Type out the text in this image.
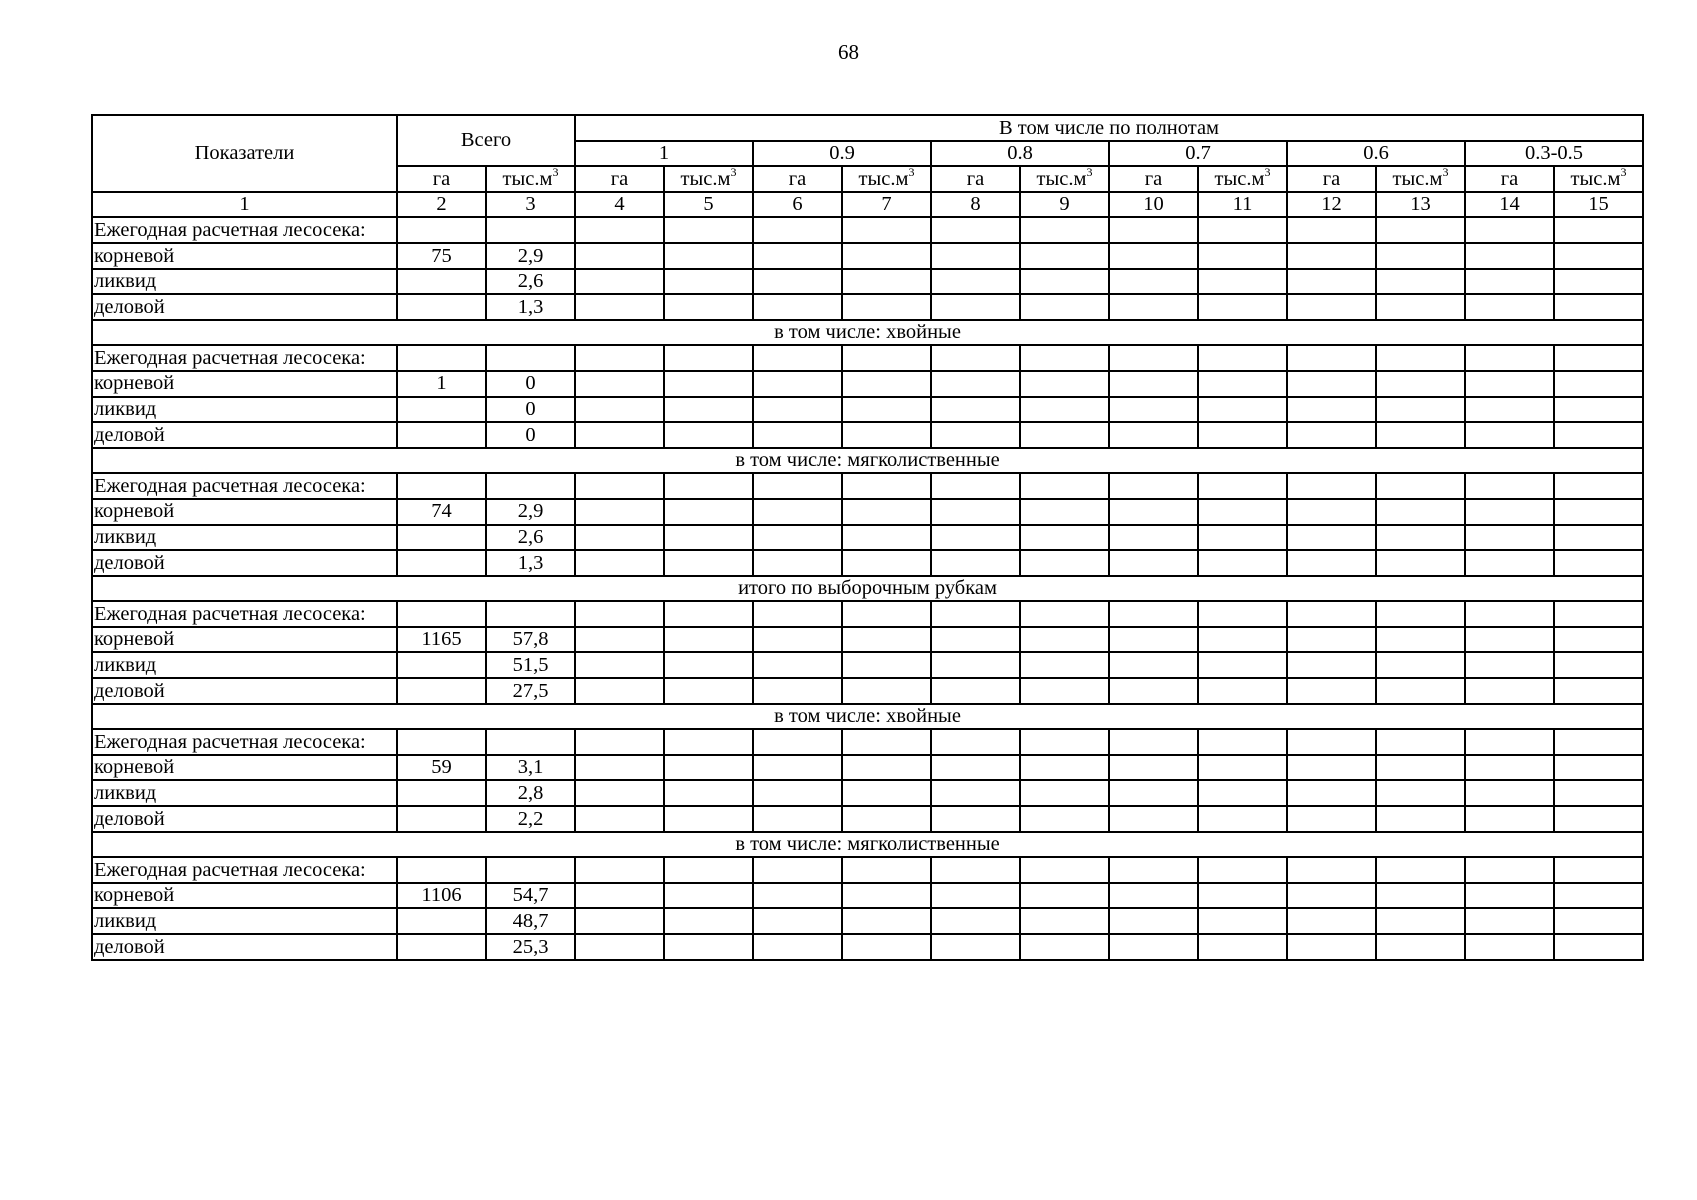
68
Показатели	Всего		В том числе по полнотам											
			1		0.9		0.8		0.7		0.6		0.3-0.5	
	га	$тыс.м^3$	га	$тыс.м^3$	га	$тыс.м^3$	га	$тыс.м^3$	га	$тыс.м^3$	га	$тыс.м^3$	га	$тыс.м^3$
1	2	3	4	5	6	7	8	9	10	11	12	13	14	15
Ежегодная расчетная лесосека:														
корневой	75	2,9												
ликвид		2,6												
деловой		1,3												
в том числе: хвойные														
Ежегодная расчетная лесосека:														
корневой	1	0												
ликвид		0												
деловой		0												
в том числе: мягколиственные														
Ежегодная расчетная лесосека:														
корневой	74	2,9												
ликвид		2,6												
деловой		1,3												
итого по выборочным рубкам														
Ежегодная расчетная лесосека:														
корневой	1165	57,8												
ликвид		51,5												
деловой		27,5												
в том числе: хвойные														
Ежегодная расчетная лесосека:														
корневой	59	3,1												
ликвид		2,8												
деловой		2,2												
в том числе: мягколиственные														
Ежегодная расчетная лесосека:														
корневой	1106	54,7												
ликвид		48,7												
деловой		25,3												
